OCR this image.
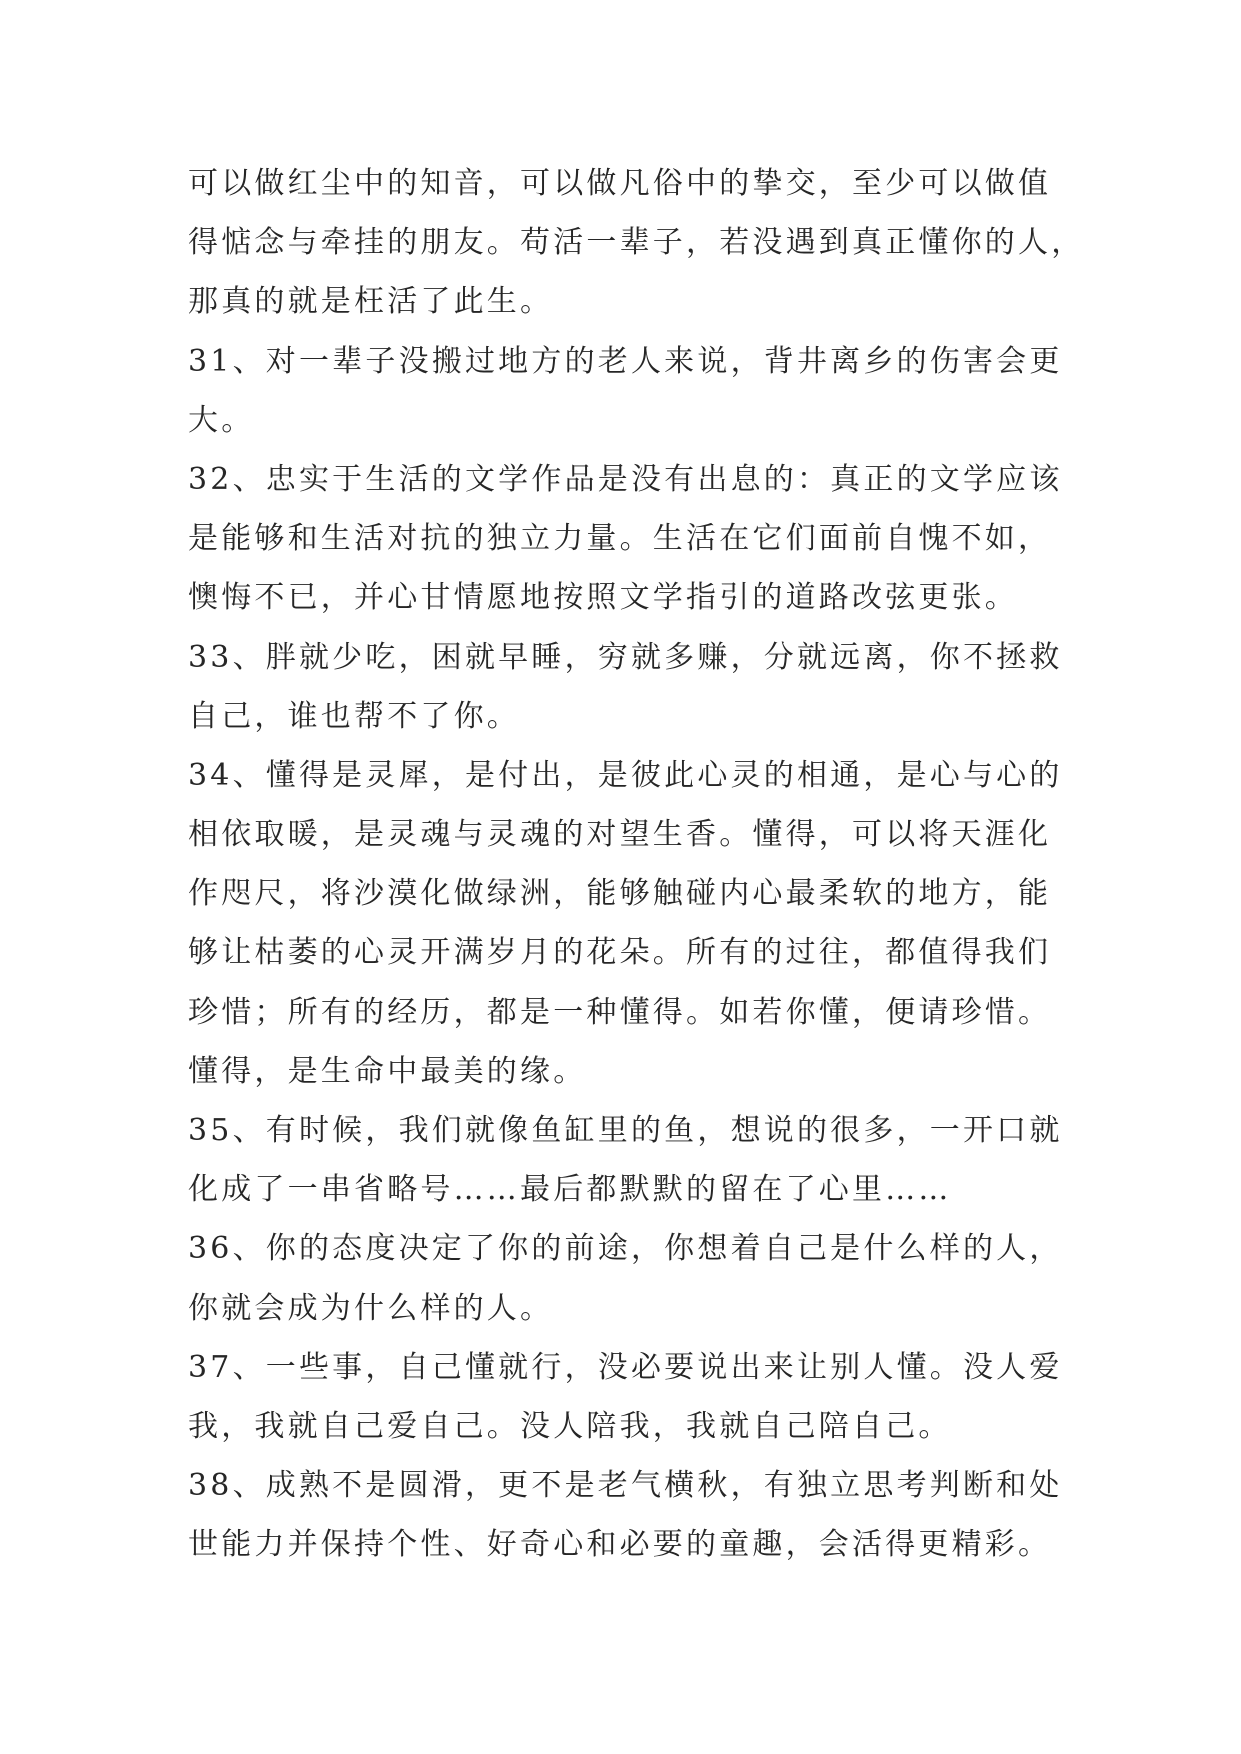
可以做红尘中的知音，可以做凡俗中的挚交，至少可以做值
得惦念与牵挂的朋友。苟活一辈子，若没遇到真正懂你的人，
那真的就是枉活了此生。
31、对一辈子没搬过地方的老人来说，背井离乡的伤害会更
大。
32、忠实于生活的文学作品是没有出息的：真正的文学应该
是能够和生活对抗的独立力量。生活在它们面前自愧不如，
懊悔不已，并心甘情愿地按照文学指引的道路改弦更张。
33、胖就少吃，困就早睡，穷就多赚，分就远离，你不拯救
自己，谁也帮不了你。
34、懂得是灵犀，是付出，是彼此心灵的相通，是心与心的
相依取暖，是灵魂与灵魂的对望生香。懂得，可以将天涯化
作咫尺，将沙漠化做绿洲，能够触碰内心最柔软的地方，能
够让枯萎的心灵开满岁月的花朵。所有的过往，都值得我们
珍惜；所有的经历，都是一种懂得。如若你懂，便请珍惜。
懂得，是生命中最美的缘。
35、有时候，我们就像鱼缸里的鱼，想说的很多，一开口就
化成了一串省略号……最后都默默的留在了心里……
36、你的态度决定了你的前途，你想着自己是什么样的人，
你就会成为什么样的人。
37、一些事，自己懂就行，没必要说出来让别人懂。没人爱
我，我就自己爱自己。没人陪我，我就自己陪自己。
38、成熟不是圆滑，更不是老气横秋，有独立思考判断和处
世能力并保持个性、好奇心和必要的童趣，会活得更精彩。
